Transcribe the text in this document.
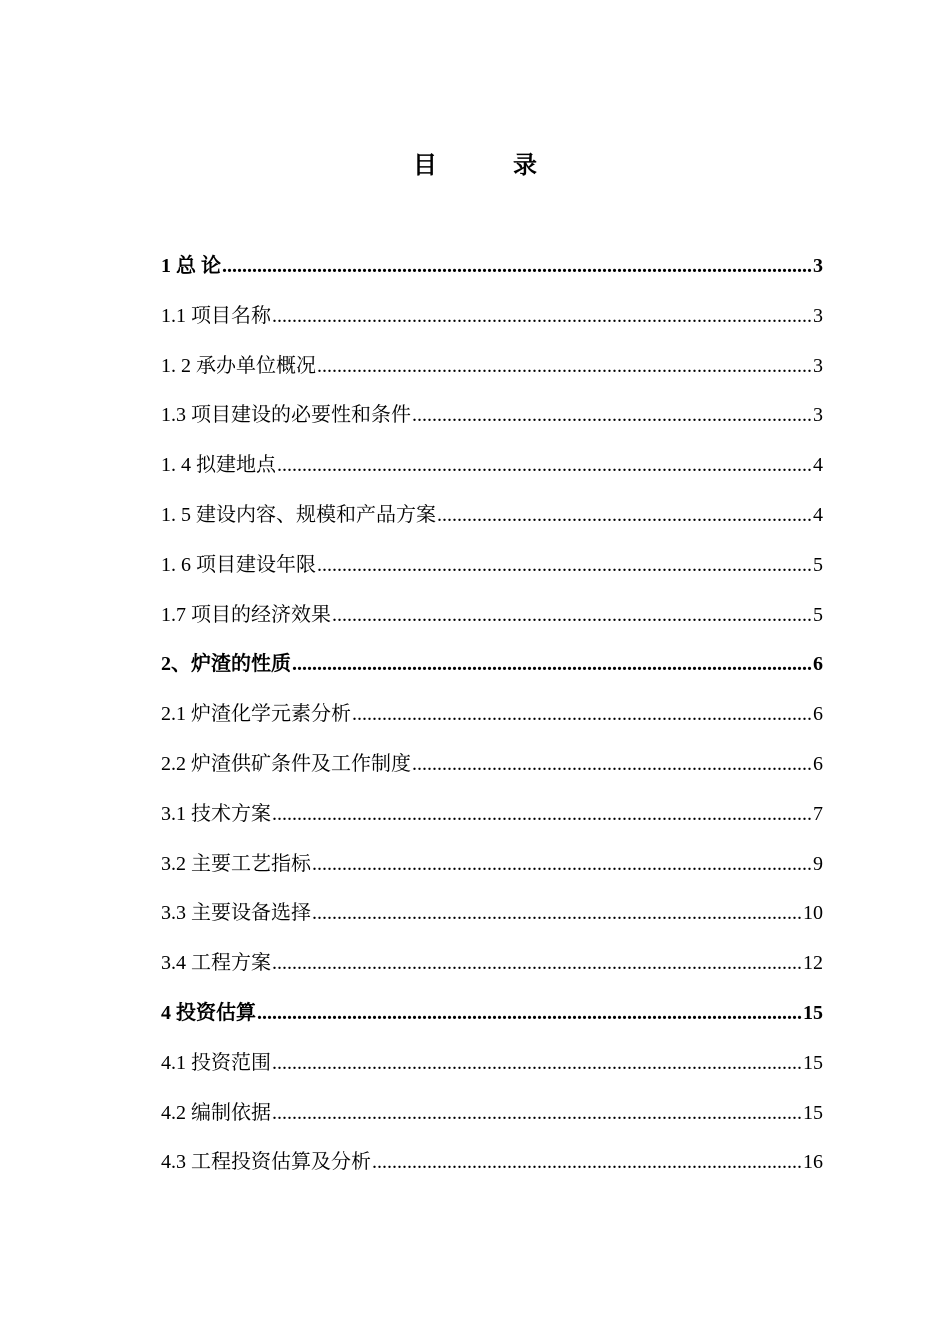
目　录
1 总 论 .....	3
1.1 项目名称 .....	3
1. 2 承办单位概况 .....	3
1.3 项目建设的必要性和条件 .....	3
1. 4 拟建地点 .....	4
1. 5 建设内容、规模和产品方案 .....	4
1. 6 项目建设年限 .....	5
1.7 项目的经济效果 .....	5
2、炉渣的性质 .....	6
2.1 炉渣化学元素分析 .....	6
2.2 炉渣供矿条件及工作制度 .....	6
3.1 技术方案 .....	7
3.2 主要工艺指标 .....	9
3.3 主要设备选择 .....	10
3.4 工程方案 .....	12
4 投资估算 .....	15
4.1 投资范围 .....	15
4.2 编制依据 .....	15
4.3 工程投资估算及分析 .....	16
